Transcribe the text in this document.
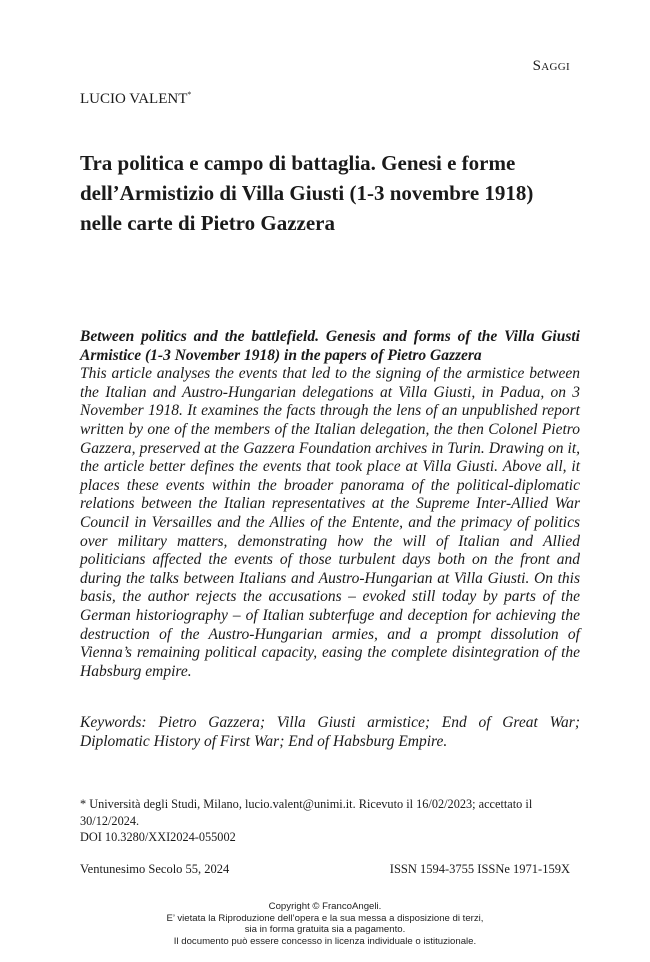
Saggi
LUCIO VALENT*
Tra politica e campo di battaglia. Genesi e forme dell’Armistizio di Villa Giusti (1-3 novembre 1918) nelle carte di Pietro Gazzera
Between politics and the battlefield. Genesis and forms of the Villa Giusti Armistice (1-3 November 1918) in the papers of Pietro Gazzera
This article analyses the events that led to the signing of the armistice between the Italian and Austro-Hungarian delegations at Villa Giusti, in Padua, on 3 November 1918. It examines the facts through the lens of an unpublished report written by one of the members of the Italian delegation, the then Colonel Pietro Gazzera, preserved at the Gazzera Foundation archives in Turin. Drawing on it, the article better defines the events that took place at Villa Giusti. Above all, it places these events within the broader panorama of the political-diplomatic relations between the Italian representatives at the Supreme Inter-Allied War Council in Versailles and the Allies of the Entente, and the primacy of politics over military matters, demonstrating how the will of Italian and Allied politicians affected the events of those turbulent days both on the front and during the talks between Italians and Austro-Hungarian at Villa Giusti. On this basis, the author rejects the accusations – evoked still today by parts of the German historiography – of Italian subterfuge and deception for achieving the destruction of the Austro-Hungarian armies, and a prompt dissolution of Vienna’s remaining political capacity, easing the complete disintegration of the Habsburg empire.
Keywords: Pietro Gazzera; Villa Giusti armistice; End of Great War; Diplomatic History of First War; End of Habsburg Empire.
* Università degli Studi, Milano, lucio.valent@unimi.it. Ricevuto il 16/02/2023; accettato il 30/12/2024.
DOI 10.3280/XXI2024-055002
Ventunesimo Secolo 55, 2024	ISSN 1594-3755 ISSNe 1971-159X
Copyright © FrancoAngeli.
E’ vietata la Riproduzione dell’opera e la sua messa a disposizione di terzi,
sia in forma gratuita sia a pagamento.
Il documento può essere concesso in licenza individuale o istituzionale.
